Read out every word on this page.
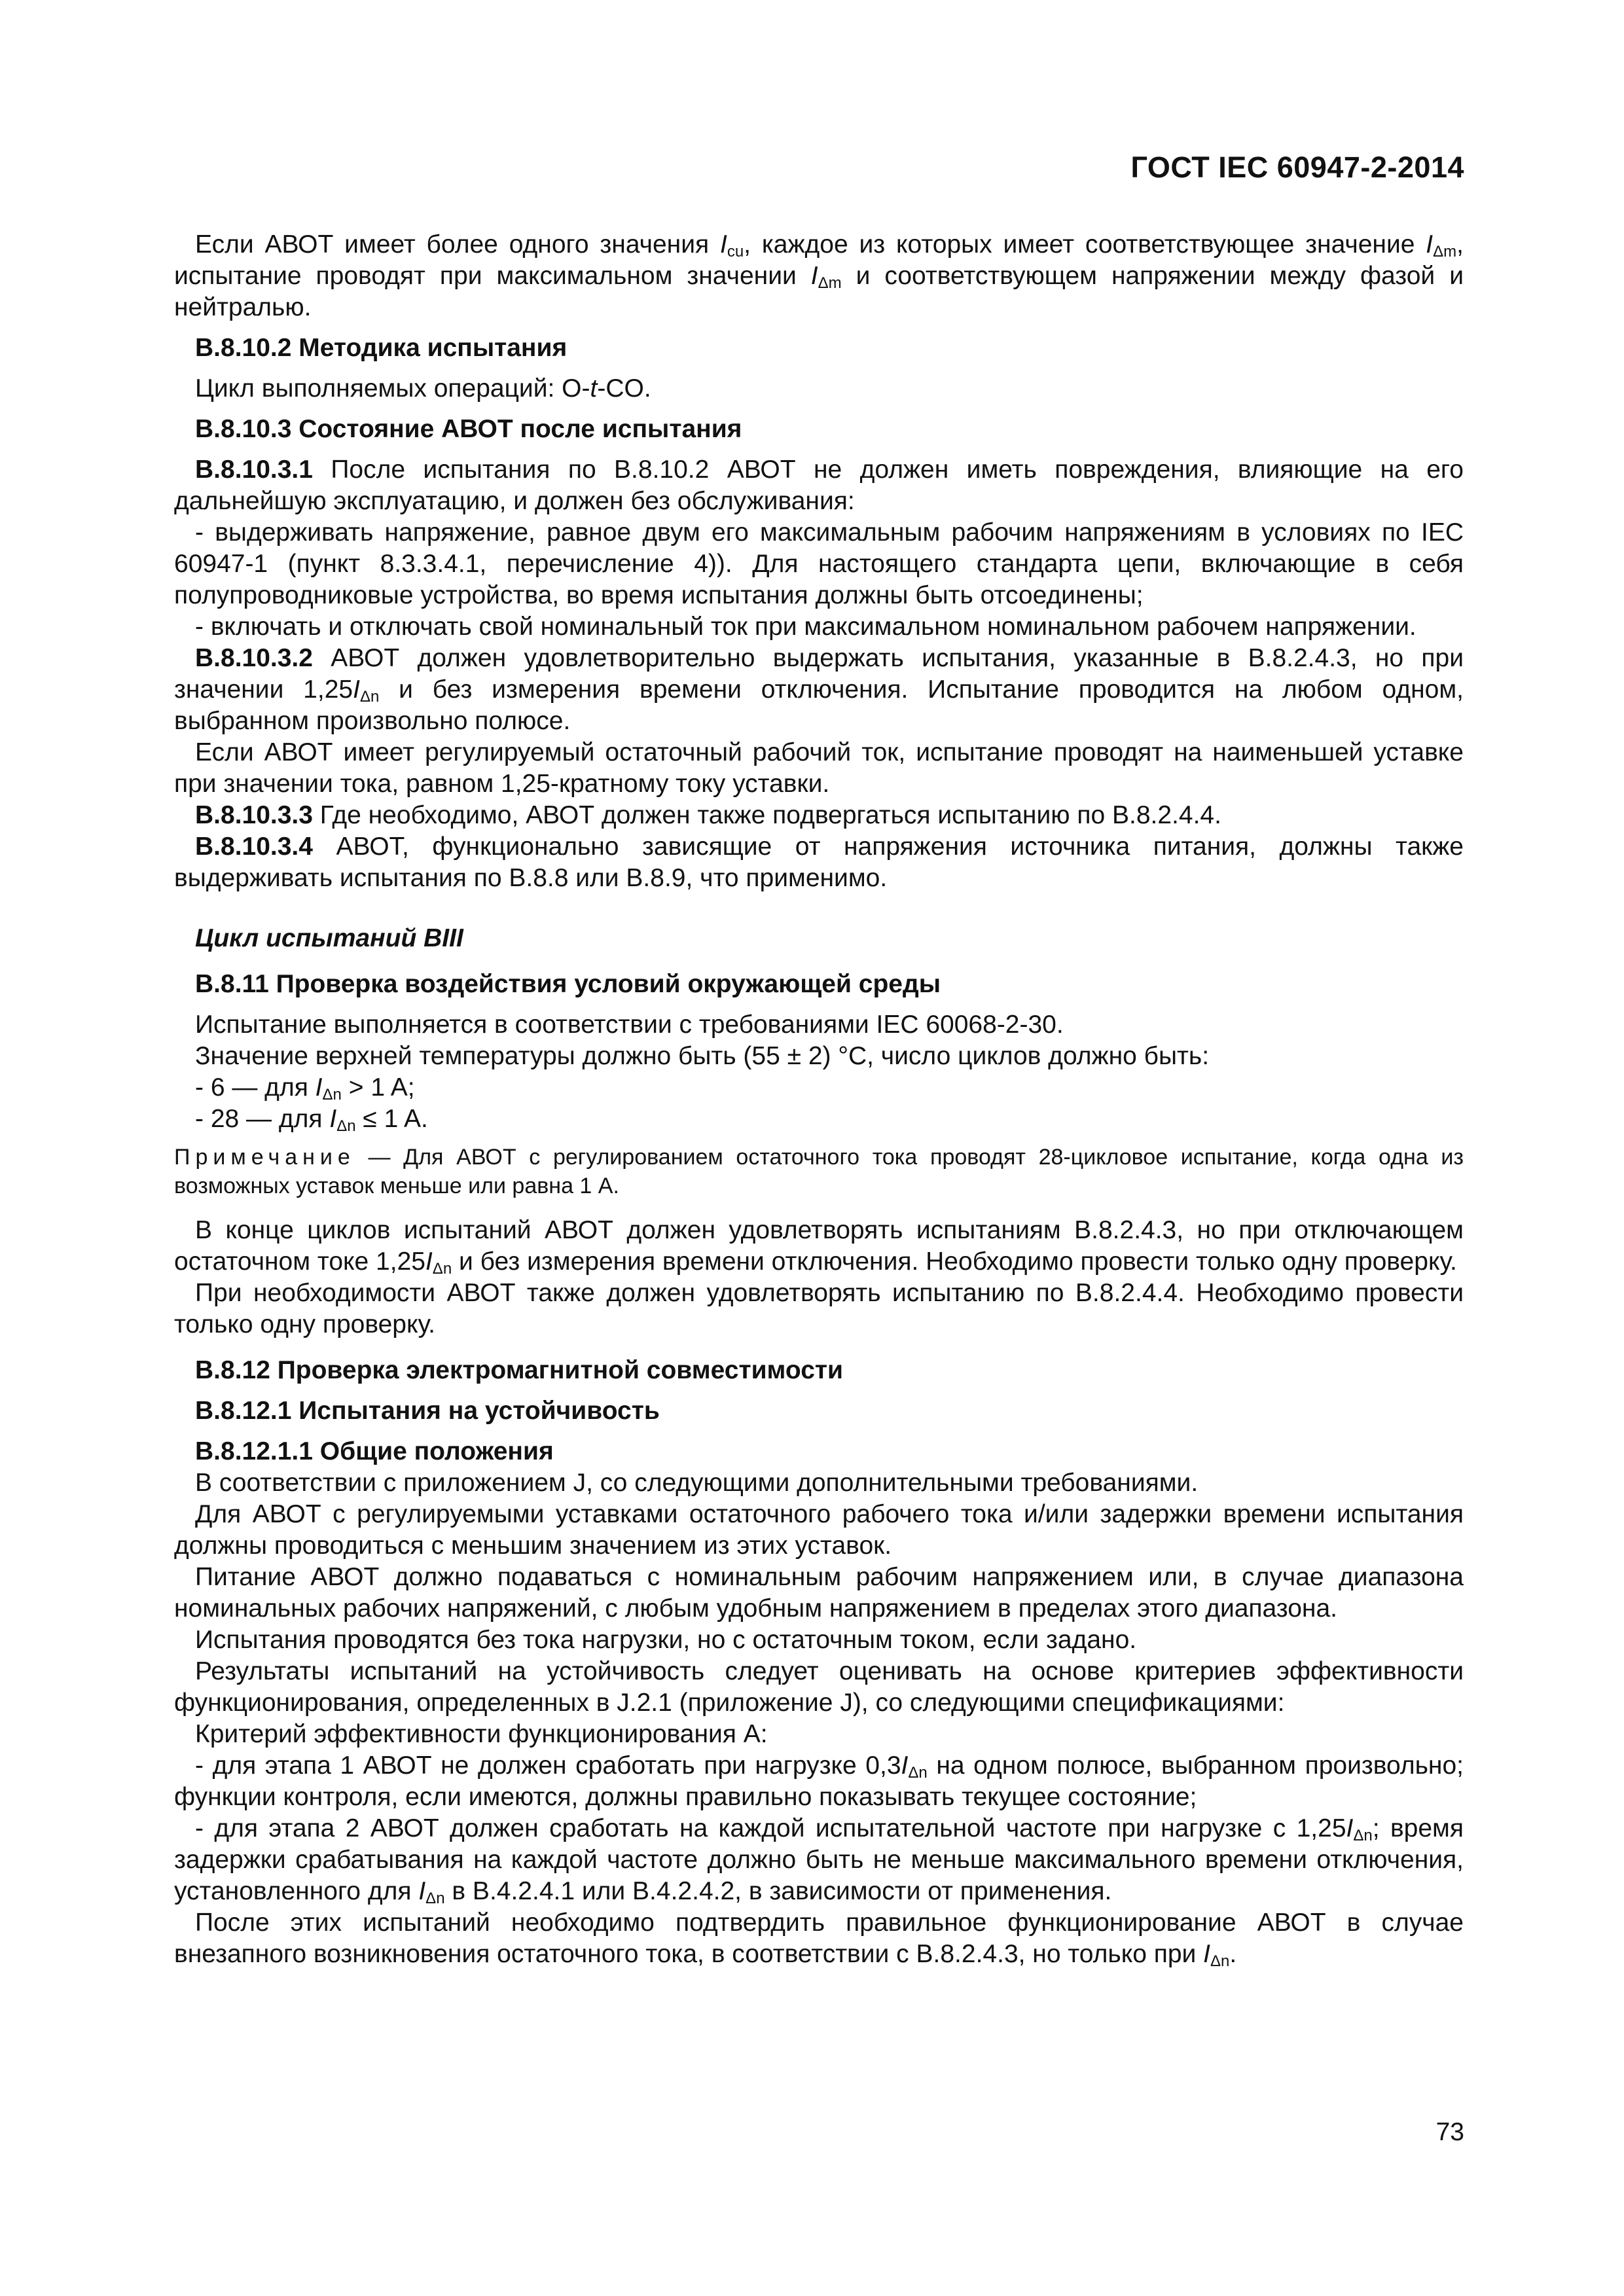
ГОСТ IEC 60947-2-2014

Если АВОТ имеет более одного значения $I_{cu}$, каждое из которых имеет соответствующее значение $I_{\Delta m}$, испытание проводят при максимальном значении $I_{\Delta m}$ и соответствующем напряжении между фазой и нейтралью.

B.8.10.2 Методика испытания

Цикл выполняемых операций: O-t-CO.

B.8.10.3 Состояние АВОТ после испытания

B.8.10.3.1 После испытания по B.8.10.2 АВОТ не должен иметь повреждения, влияющие на его дальнейшую эксплуатацию, и должен без обслуживания:

- выдерживать напряжение, равное двум его максимальным рабочим напряжениям в условиях по IEC 60947-1 (пункт 8.3.3.4.1, перечисление 4)). Для настоящего стандарта цепи, включающие в себя полупроводниковые устройства, во время испытания должны быть отсоединены;

- включать и отключать свой номинальный ток при максимальном номинальном рабочем напряжении.

B.8.10.3.2 АВОТ должен удовлетворительно выдержать испытания, указанные в B.8.2.4.3, но при значении $1,25I_{\Delta n}$ и без измерения времени отключения. Испытание проводится на любом одном, выбранном произвольно полюсе.

Если АВОТ имеет регулируемый остаточный рабочий ток, испытание проводят на наименьшей уставке при значении тока, равном 1,25-кратному току уставки.

B.8.10.3.3 Где необходимо, АВОТ должен также подвергаться испытанию по B.8.2.4.4.

B.8.10.3.4 АВОТ, функционально зависящие от напряжения источника питания, должны также выдерживать испытания по B.8.8 или B.8.9, что применимо.

Цикл испытаний BIII

B.8.11 Проверка воздействия условий окружающей среды

Испытание выполняется в соответствии с требованиями IEC 60068-2-30.

Значение верхней температуры должно быть (55 ± 2) °C, число циклов должно быть:

- 6 — для $I_{\Delta n} > 1$ A;

- 28 — для $I_{\Delta n} \le 1$ A.

Примечание — Для АВОТ с регулированием остаточного тока проводят 28-цикловое испытание, когда одна из возможных уставок меньше или равна 1 А.

В конце циклов испытаний АВОТ должен удовлетворять испытаниям B.8.2.4.3, но при отключающем остаточном токе $1,25I_{\Delta n}$ и без измерения времени отключения. Необходимо провести только одну проверку.

При необходимости АВОТ также должен удовлетворять испытанию по B.8.2.4.4. Необходимо провести только одну проверку.

B.8.12 Проверка электромагнитной совместимости

B.8.12.1 Испытания на устойчивость

B.8.12.1.1 Общие положения

В соответствии с приложением J, со следующими дополнительными требованиями.

Для АВОТ с регулируемыми уставками остаточного рабочего тока и/или задержки времени испытания должны проводиться с меньшим значением из этих уставок.

Питание АВОТ должно подаваться с номинальным рабочим напряжением или, в случае диапазона номинальных рабочих напряжений, с любым удобным напряжением в пределах этого диапазона.

Испытания проводятся без тока нагрузки, но с остаточным током, если задано.

Результаты испытаний на устойчивость следует оценивать на основе критериев эффективности функционирования, определенных в J.2.1 (приложение J), со следующими спецификациями:

Критерий эффективности функционирования A:

- для этапа 1 АВОТ не должен сработать при нагрузке $0,3I_{\Delta n}$ на одном полюсе, выбранном произвольно; функции контроля, если имеются, должны правильно показывать текущее состояние;

- для этапа 2 АВОТ должен сработать на каждой испытательной частоте при нагрузке с $1,25I_{\Delta n}$; время задержки срабатывания на каждой частоте должно быть не меньше максимального времени отключения, установленного для $I_{\Delta n}$ в B.4.2.4.1 или B.4.2.4.2, в зависимости от применения.

После этих испытаний необходимо подтвердить правильное функционирование АВОТ в случае внезапного возникновения остаточного тока, в соответствии с B.8.2.4.3, но только при $I_{\Delta n}$.

73
